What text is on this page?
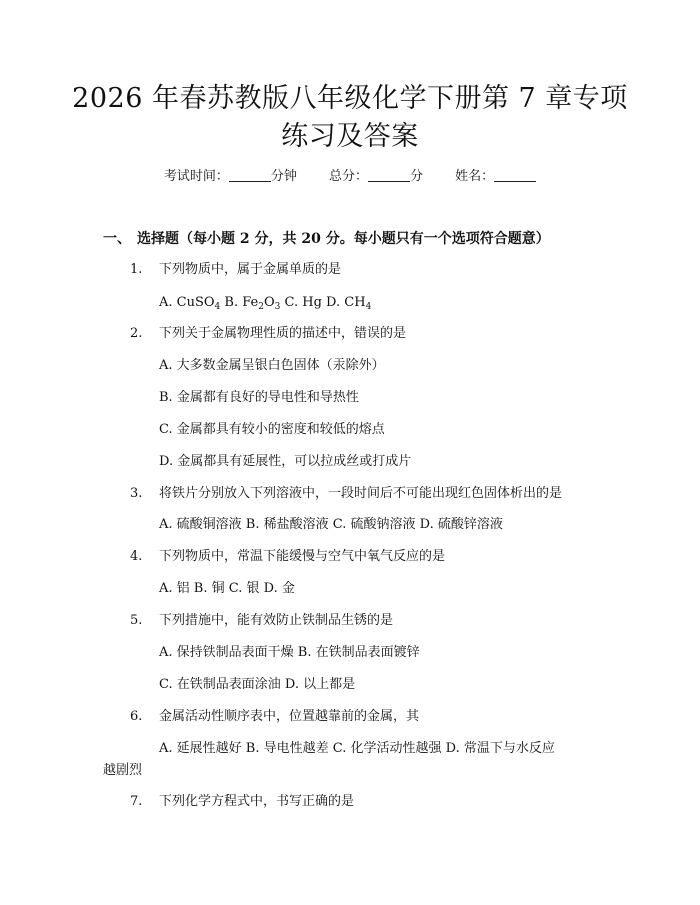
2026 年春苏教版八年级化学下册第 7 章专项
练习及答案
考试时间：	分钟 总分：	分 姓名：
一、 选择题（每小题 2 分，共 20 分。每小题只有一个选项符合题意）
1. 下列物质中，属于金属单质的是
A. CuSO$_4$ B. $Fe_2O_3$ C. Hg D. $CH_4$
2. 下列关于金属物理性质的描述中，错误的是
A. 大多数金属呈银白色固体（汞除外）
B. 金属都有良好的导电性和导热性
C. 金属都具有较小的密度和较低的熔点
D. 金属都具有延展性，可以拉成丝或打成片
3. 将铁片分别放入下列溶液中，一段时间后不可能出现红色固体析出的是
A. 硫酸铜溶液 B. 稀盐酸溶液 C. 硫酸钠溶液 D. 硫酸锌溶液
4. 下列物质中，常温下能缓慢与空气中氧气反应的是
A. 铝 B. 铜 C. 银 D. 金
5. 下列措施中，能有效防止铁制品生锈的是
A. 保持铁制品表面干燥 B. 在铁制品表面镀锌
C. 在铁制品表面涂油 D. 以上都是
6. 金属活动性顺序表中，位置越靠前的金属，其
A. 延展性越好 B. 导电性越差 C. 化学活动性越强 D. 常温下与水反应
越剧烈
7. 下列化学方程式中，书写正确的是
